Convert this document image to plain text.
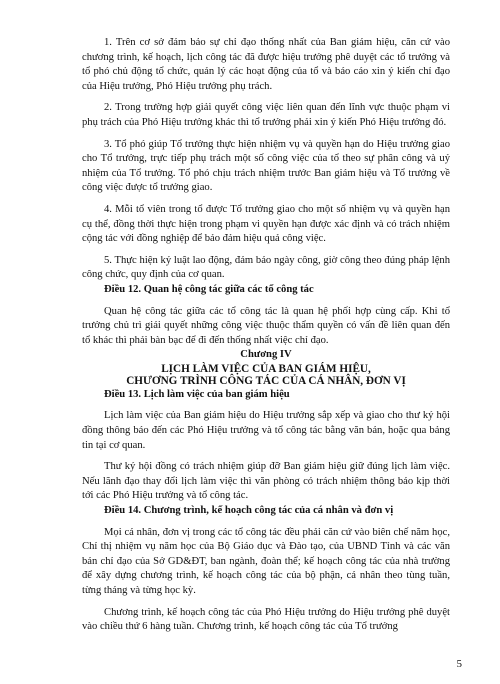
1. Trên cơ sở đảm bảo sự chỉ đạo thống nhất của Ban giám hiệu, căn cứ vào chương trình, kế hoạch, lịch công tác đã được hiệu trưởng phê duyệt các tổ trưởng và tổ phó chủ động tổ chức, quản lý các hoạt động của tổ và báo cáo xin ý kiến chỉ đạo của Hiệu trưởng, Phó Hiệu trưởng phụ trách.

2. Trong trường hợp giải quyết công việc liên quan đến lĩnh vực thuộc phạm vi phụ trách của Phó Hiệu trưởng khác thì tổ trưởng phải xin ý kiến Phó Hiệu trưởng đó.

3. Tổ phó giúp Tổ trưởng thực hiện nhiệm vụ và quyền hạn do Hiệu trưởng giao cho Tổ trưởng, trực tiếp phụ trách một số công việc của tổ theo sự phân công và uỷ nhiệm của Tổ trưởng. Tổ phó chịu trách nhiệm trước Ban giám hiệu và Tổ trưởng về công việc được tổ trưởng giao.

4. Mỗi tổ viên trong tổ được Tổ trưởng giao cho một số nhiệm vụ và quyền hạn cụ thể, đồng thời thực hiện trong phạm vi quyền hạn được xác định và có trách nhiệm cộng tác với đồng nghiệp để bảo đảm hiệu quả công việc.

5. Thực hiện kỷ luật lao động, đảm bảo ngày công, giờ công theo đúng pháp lệnh công chức, quy định của cơ quan.

Điều 12. Quan hệ công tác giữa các tổ công tác

Quan hệ công tác giữa các tổ công tác là quan hệ phối hợp cùng cấp. Khi tổ trưởng chủ trì giải quyết những công việc thuộc thẩm quyền có vấn đề liên quan đến tổ khác thì phải bàn bạc để đi đến thống nhất việc chỉ đạo.

Chương IV

LỊCH LÀM VIỆC CỦA BAN GIÁM HIỆU,

CHƯƠNG TRÌNH CÔNG TÁC CỦA CÁ NHÂN, ĐƠN VỊ

Điều 13. Lịch làm việc của ban giám hiệu

Lịch làm việc của Ban giám hiệu do Hiệu trưởng sắp xếp và giao cho thư ký hội đồng thông báo đến các Phó Hiệu trưởng và tổ công tác bằng văn bản, hoặc qua bảng tin tại cơ quan.

Thư ký hội đồng có trách nhiệm giúp đỡ Ban giám hiệu giữ đúng lịch làm việc. Nếu lãnh đạo thay đổi lịch làm việc thì văn phòng có trách nhiệm thông báo kịp thời tới các Phó Hiệu trưởng và tổ công tác.

Điều 14. Chương trình, kế hoạch công tác của cá nhân và đơn vị

Mọi cá nhân, đơn vị trong các tổ công tác đều phải căn cứ vào biên chế năm học, Chỉ thị nhiệm vụ năm học của Bộ Giáo dục và Đào tạo, của UBND Tỉnh và các văn bản chỉ đạo của Sở GD&ĐT, ban ngành, đoàn thể; kế hoạch công tác của nhà trường để xây dựng chương trình, kế hoạch công tác của bộ phận, cá nhân theo tùng tuần, từng tháng và từng học kỳ.

Chương trình, kế hoạch công tác của Phó Hiệu trưởng do Hiệu trưởng phê duyệt vào chiều thứ 6 hàng tuần. Chương trình, kế hoạch công tác của Tổ trưởng

5
